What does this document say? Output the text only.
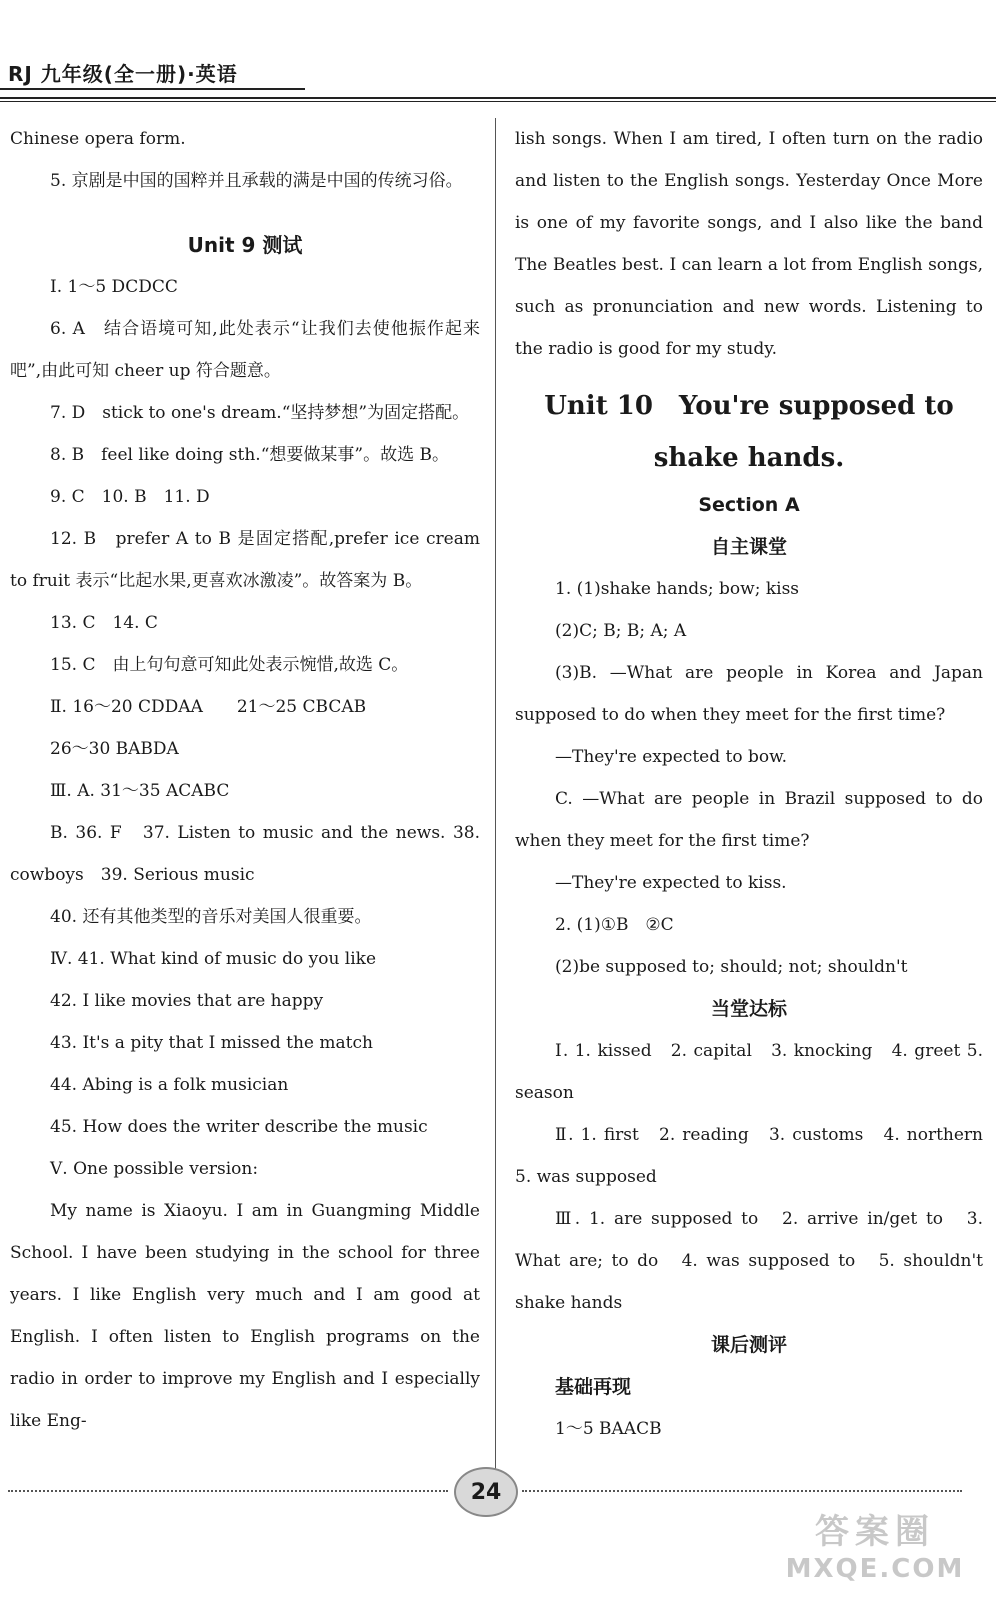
RJ 九年级(全一册)·英语

Chinese opera form.

5. 京剧是中国的国粹并且承载的满是中国的传统习俗。

Unit 9 测试

Ⅰ. 1～5 DCDCC

6. A　结合语境可知,此处表示“让我们去使他振作起来吧”,由此可知 cheer up 符合题意。

7. D　stick to one's dream.“坚持梦想”为固定搭配。

8. B　feel like doing sth.“想要做某事”。故选 B。

9. C　10. B　11. D

12. B　prefer A to B 是固定搭配,prefer ice cream to fruit 表示“比起水果,更喜欢冰激凌”。故答案为 B。

13. C　14. C

15. C　由上句句意可知此处表示惋惜,故选 C。

Ⅱ. 16～20 CDDAA　　21～25 CBCAB

26～30 BABDA

Ⅲ. A. 31～35 ACABC

B. 36. F　37. Listen to music and the news. 38. cowboys　39. Serious music

40. 还有其他类型的音乐对美国人很重要。

Ⅳ. 41. What kind of music do you like

42. I like movies that are happy

43. It's a pity that I missed the match

44. Abing is a folk musician

45. How does the writer describe the music

Ⅴ. One possible version:

My name is Xiaoyu. I am in Guangming Middle School. I have been studying in the school for three years. I like English very much and I am good at English. I often listen to English programs on the radio in order to improve my English and I especially like Eng-

lish songs. When I am tired, I often turn on the radio and listen to the English songs. Yesterday Once More is one of my favorite songs, and I also like the band The Beatles best. I can learn a lot from English songs, such as pronunciation and new words. Listening to the radio is good for my study.

Unit 10　You're supposed to shake hands.

Section A

自主课堂

1. (1)shake hands; bow; kiss

(2)C; B; B; A; A

(3)B. —What are people in Korea and Japan supposed to do when they meet for the first time?

—They're expected to bow.

C. —What are people in Brazil supposed to do when they meet for the first time?

—They're expected to kiss.

2. (1)①B　②C

(2)be supposed to; should; not; shouldn't

当堂达标

Ⅰ. 1. kissed　2. capital　3. knocking　4. greet 5. season

Ⅱ. 1. first　2. reading　3. customs　4. northern 5. was supposed

Ⅲ. 1. are supposed to　2. arrive in/get to　3. What are; to do　4. was supposed to　5. shouldn't shake hands

课后测评

基础再现

1～5 BAACB

24
答案圈
MXQE.COM
